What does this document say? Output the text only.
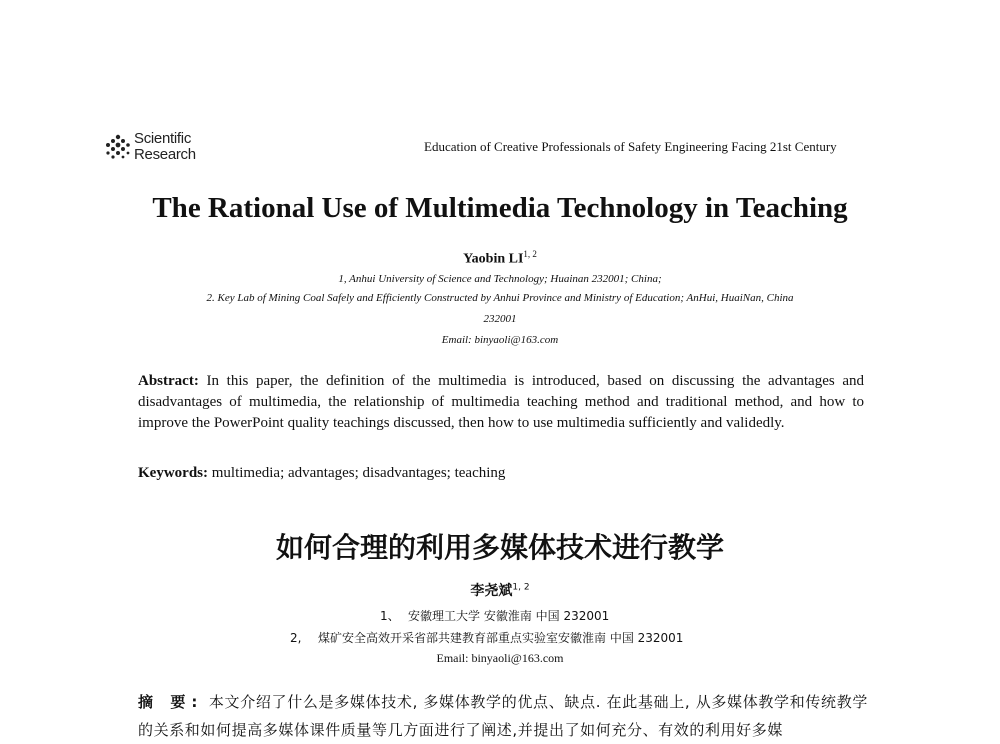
Scientific
Research	Education of Creative Professionals of Safety Engineering Facing 21st Century
The Rational Use of Multimedia Technology in Teaching
Yaobin LI$^{1, 2}$
1, Anhui University of Science and Technology; Huainan 232001; China;
2. Key Lab of Mining Coal Safely and Efficiently Constructed by Anhui Province and Ministry of Education; AnHui, HuaiNan, China
232001
Email: binyaoli@163.com
Abstract: In this paper, the definition of the multimedia is introduced, based on discussing the advantages and disadvantages of multimedia, the relationship of multimedia teaching method and traditional method, and how to improve the PowerPoint quality teachings discussed, then how to use multimedia sufficiently and validedly.
Keywords: multimedia; advantages; disadvantages; teaching
如何合理的利用多媒体技术进行教学
李尧斌$^{1, 2}$
1、 安徽理工大学 安徽淮南 中国 232001
2, 煤矿安全高效开采省部共建教育部重点实验室安徽淮南 中国 232001
Email: binyaoli@163.com
摘 要: 本文介绍了什么是多媒体技术, 多媒体教学的优点、缺点. 在此基础上, 从多媒体教学和传统教学的关系和如何提高多媒体课件质量等几方面进行了阐述,并提出了如何充分、有效的利用好多媒
